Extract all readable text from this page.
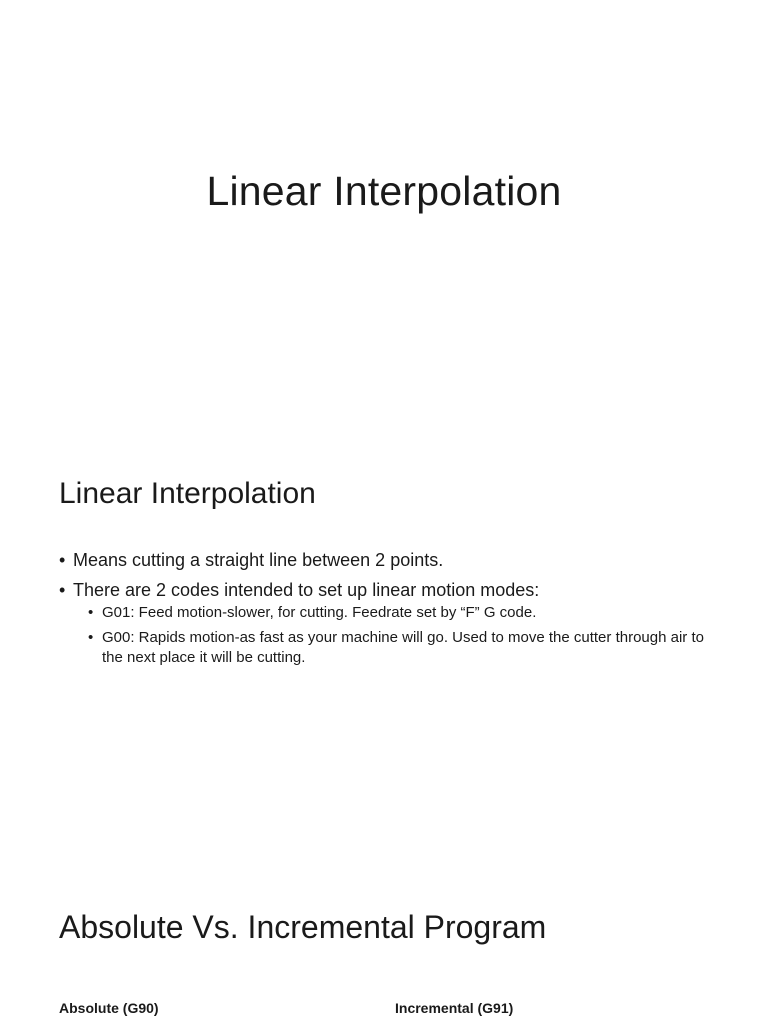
Linear Interpolation
Linear Interpolation
• Means cutting a straight line between 2 points.
• There are 2 codes intended to set up linear motion modes:
• G01: Feed motion-slower, for cutting. Feedrate set by “F” G code.
• G00: Rapids motion-as fast as your machine will go. Used to move the cutter through air to the next place it will be cutting.
Absolute Vs. Incremental Program

Absolute (G90)	Incremental (G91)
